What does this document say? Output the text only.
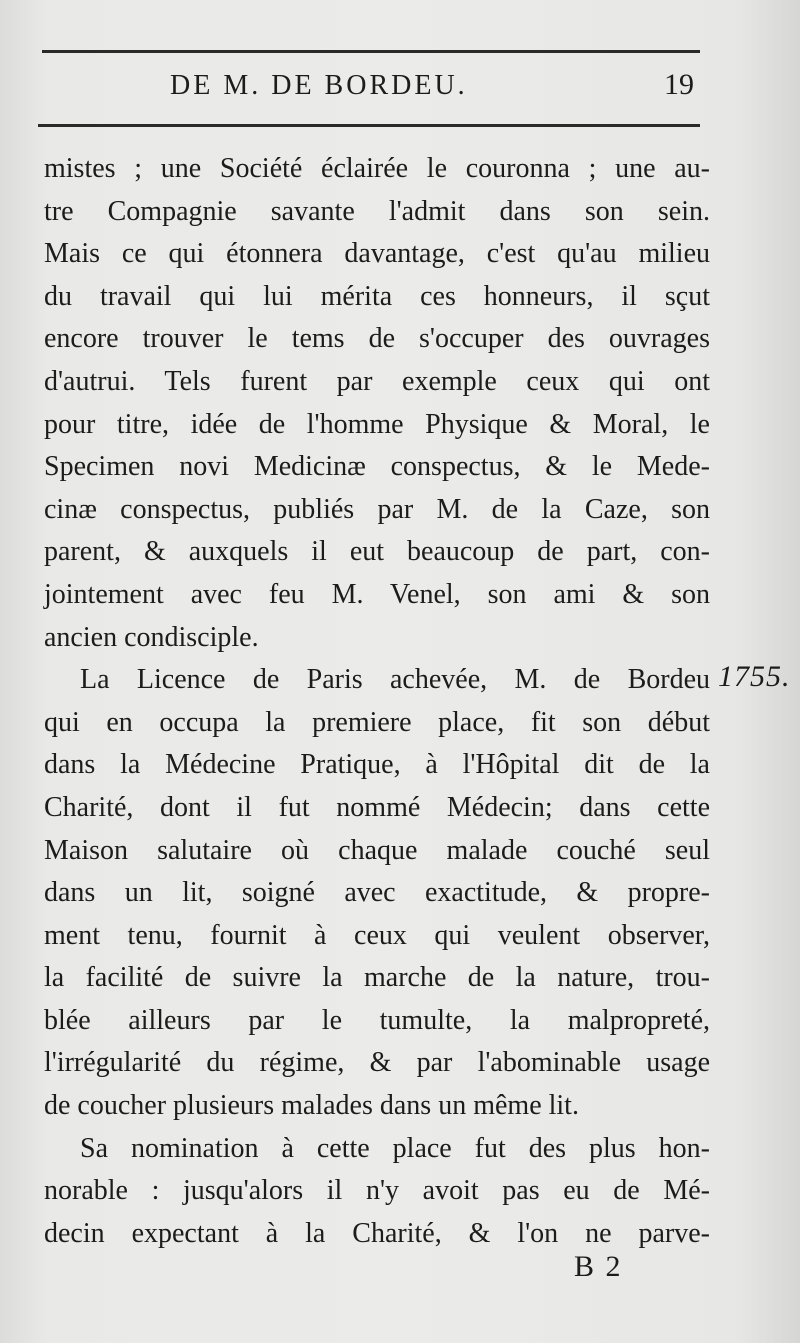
DE M. DE BORDEU.	19
mistes ; une Société éclairée le couronna ; une au-
tre Compagnie savante l'admit dans son sein.
Mais ce qui étonnera davantage, c'est qu'au milieu
du travail qui lui mérita ces honneurs, il sçut
encore trouver le tems de s'occuper des ouvrages
d'autrui. Tels furent par exemple ceux qui ont
pour titre, idée de l'homme Physique & Moral, le
Specimen novi Medicinæ conspectus, & le Mede-
cinæ conspectus, publiés par M. de la Caze, son
parent, & auxquels il eut beaucoup de part, con-
jointement avec feu M. Venel, son ami & son
ancien condisciple.
La Licence de Paris achevée, M. de Bordeu
qui en occupa la premiere place, fit son début
dans la Médecine Pratique, à l'Hôpital dit de la
Charité, dont il fut nommé Médecin; dans cette
Maison salutaire où chaque malade couché seul
dans un lit, soigné avec exactitude, & propre-
ment tenu, fournit à ceux qui veulent observer,
la facilité de suivre la marche de la nature, trou-
blée ailleurs par le tumulte, la malpropreté,
l'irrégularité du régime, & par l'abominable usage
de coucher plusieurs malades dans un même lit.
Sa nomination à cette place fut des plus hon-
norable : jusqu'alors il n'y avoit pas eu de Mé-
decin expectant à la Charité, & l'on ne parve-
1755.
B 2
